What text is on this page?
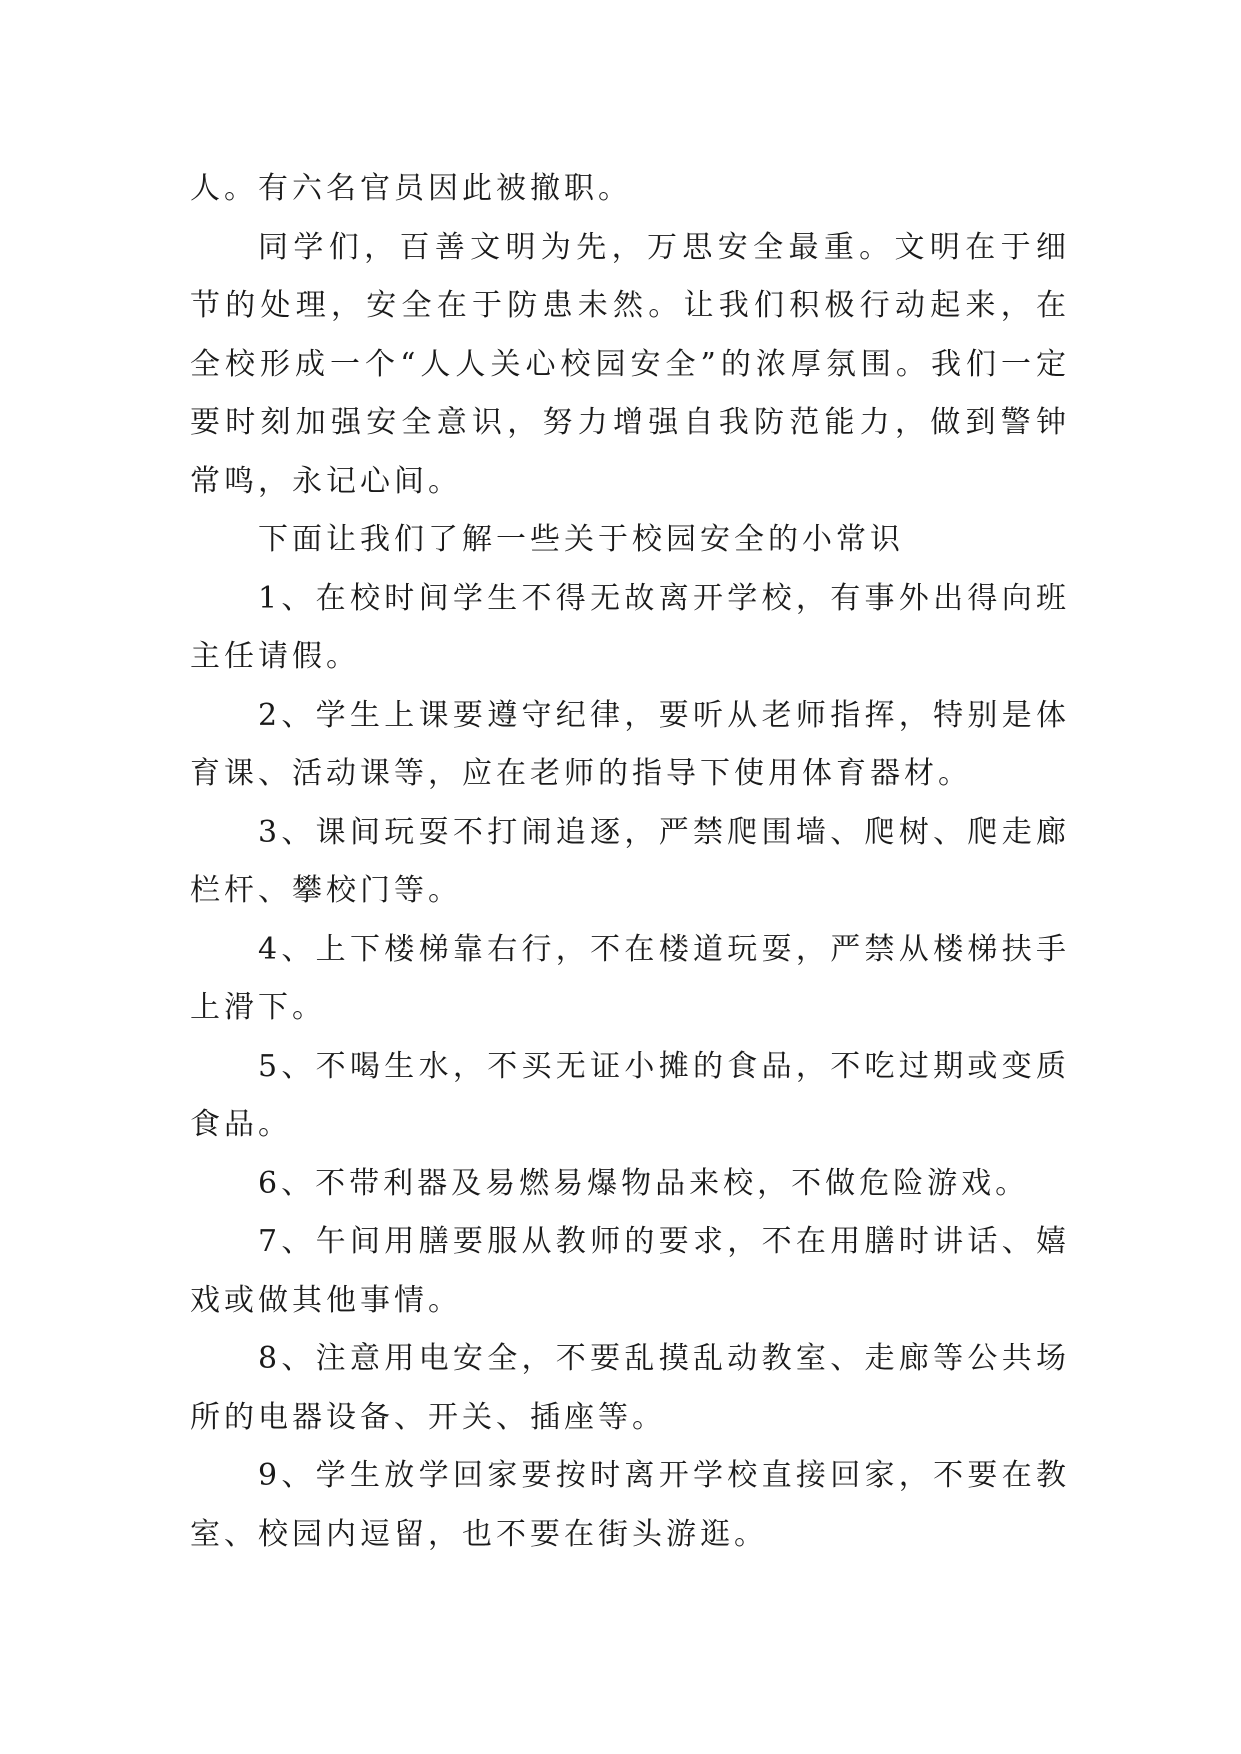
人。有六名官员因此被撤职。

同学们，百善文明为先，万思安全最重。文明在于细节的处理，安全在于防患未然。让我们积极行动起来，在全校形成一个“人人关心校园安全”的浓厚氛围。我们一定要时刻加强安全意识，努力增强自我防范能力，做到警钟常鸣，永记心间。

下面让我们了解一些关于校园安全的小常识

1、在校时间学生不得无故离开学校，有事外出得向班主任请假。

2、学生上课要遵守纪律，要听从老师指挥，特别是体育课、活动课等，应在老师的指导下使用体育器材。

3、课间玩耍不打闹追逐，严禁爬围墙、爬树、爬走廊栏杆、攀校门等。

4、上下楼梯靠右行，不在楼道玩耍，严禁从楼梯扶手上滑下。

5、不喝生水，不买无证小摊的食品，不吃过期或变质食品。

6、不带利器及易燃易爆物品来校，不做危险游戏。

7、午间用膳要服从教师的要求，不在用膳时讲话、嬉戏或做其他事情。

8、注意用电安全，不要乱摸乱动教室、走廊等公共场所的电器设备、开关、插座等。

9、学生放学回家要按时离开学校直接回家，不要在教室、校园内逗留，也不要在街头游逛。
